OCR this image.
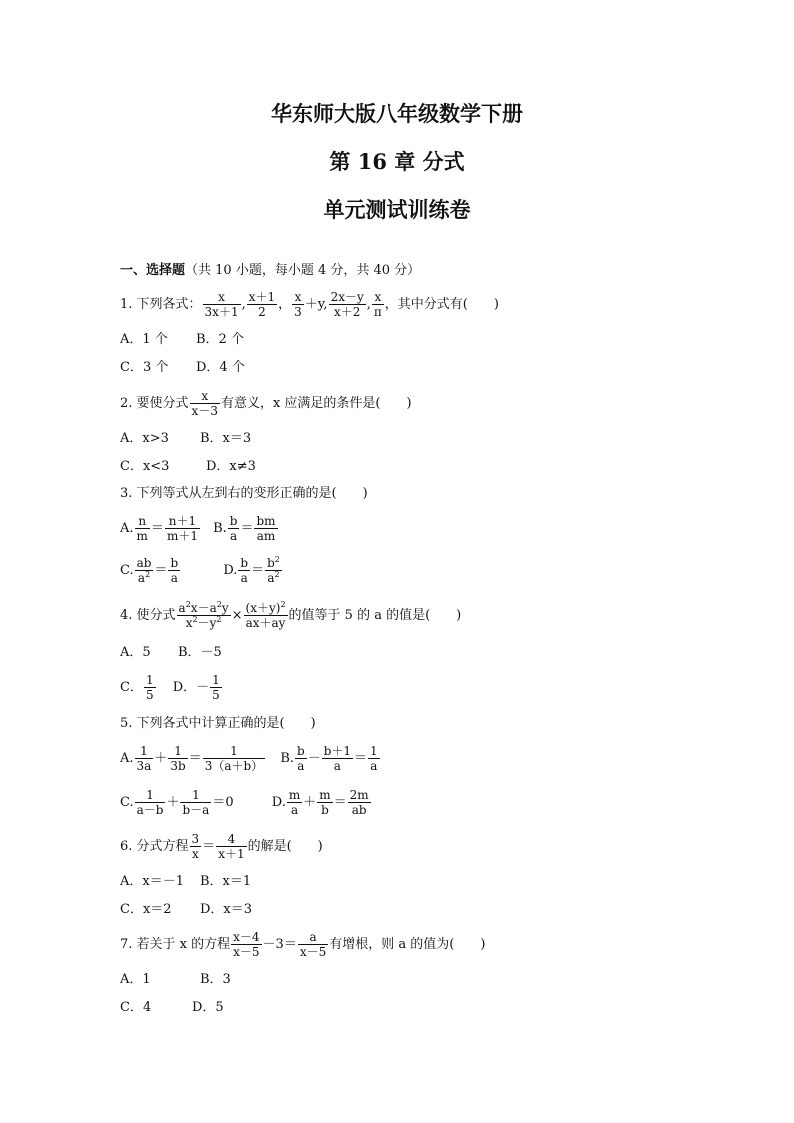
华东师大版八年级数学下册
第 16 章 分式
单元测试训练卷
一、选择题（共 10 小题，每小题 4 分，共 40 分）
1. 下列各式： $\frac{x}{3x+1}$ , $\frac{x+1}{2}$ ， $\frac{x}{3} +y$, $\frac{2x-y}{x+2}$ , $\frac{x}{\pi}$ ，其中分式有(　　)
A．1 个 B．2 个
C．3 个 D．4 个
2. 要使分式 $\frac{x}{x-3}$ 有意义，x 应满足的条件是(　　)
A．x>3 B．x＝3
C．x<3	D．x≠3
3. 下列等式从左到右的变形正确的是(　　)
A. $\frac{n}{m} = \frac{n+1}{m+1} B$. $\frac{b}{a} = \frac{bm}{am}$
C. $\frac{ab}{a^2} = \frac{b}{a}$	D. $\frac{b}{a} = \frac{b^2}{a^2}$
4. 使分式 $\frac{a^2x-a^2y}{x^2-y^2} \times \frac{(x+y)^2}{ax+ay}$ 的值等于 5 的 a 的值是(　　)
A．5 B．－5
C． $\frac{1}{5}$ D．－ $\frac{1}{5}$
5. 下列各式中计算正确的是(　　)
A. $\frac{1}{3a} + \frac{1}{3b} = \frac{1}{3(a+b)} B$. $\frac{b}{a} - \frac{b+1}{a} = \frac{1}{a}$
C. $\frac{1}{a-b} + \frac{1}{b-a} =0$	D. $\frac{m}{a} + \frac{m}{b} = \frac{2m}{ab}$
6. 分式方程 $\frac{3}{x} = \frac{4}{x+1}$ 的解是(　　)
A．x＝－1 B．x＝1
C．x＝2 D．x＝3
7. 若关于 x 的方程 $\frac{x-4}{x-5} -3= \frac{a}{x-5}$ 有增根，则 a 的值为(　　)
A．1	B．3
C．4	D．5
